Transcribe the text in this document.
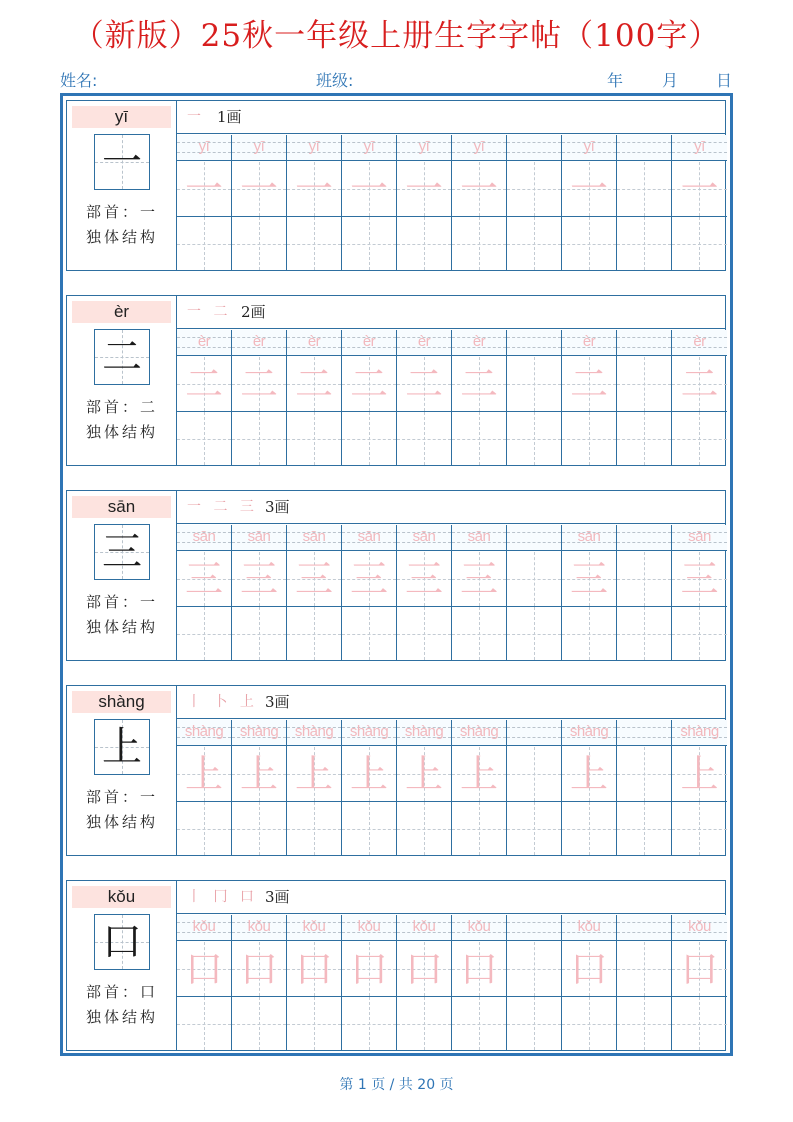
（新版）25秋一年级上册生字字帖（100字）
姓名:	班级:	年 月 日
yī
一
部首：一
独体结构
一 1画
yī
一
yī
一
yī
一
yī
一
yī
一
yī
一
yī
一
yī
一
èr
二
部首：二
独体结构
一 二 2画
èr
二
èr
二
èr
二
èr
二
èr
二
èr
二
èr
二
èr
二
sān
三
部首：一
独体结构
一 二 三 3画
sān
三
sān
三
sān
三
sān
三
sān
三
sān
三
sān
三
sān
三
shàng
上
部首：一
独体结构
丨 卜 上 3画
shàng
上
shàng
上
shàng
上
shàng
上
shàng
上
shàng
上
shàng
上
shàng
上
kǒu
口
部首：口
独体结构
丨 冂 口 3画
kǒu
口
kǒu
口
kǒu
口
kǒu
口
kǒu
口
kǒu
口
kǒu
口
kǒu
口
第 1 页 / 共 20 页
